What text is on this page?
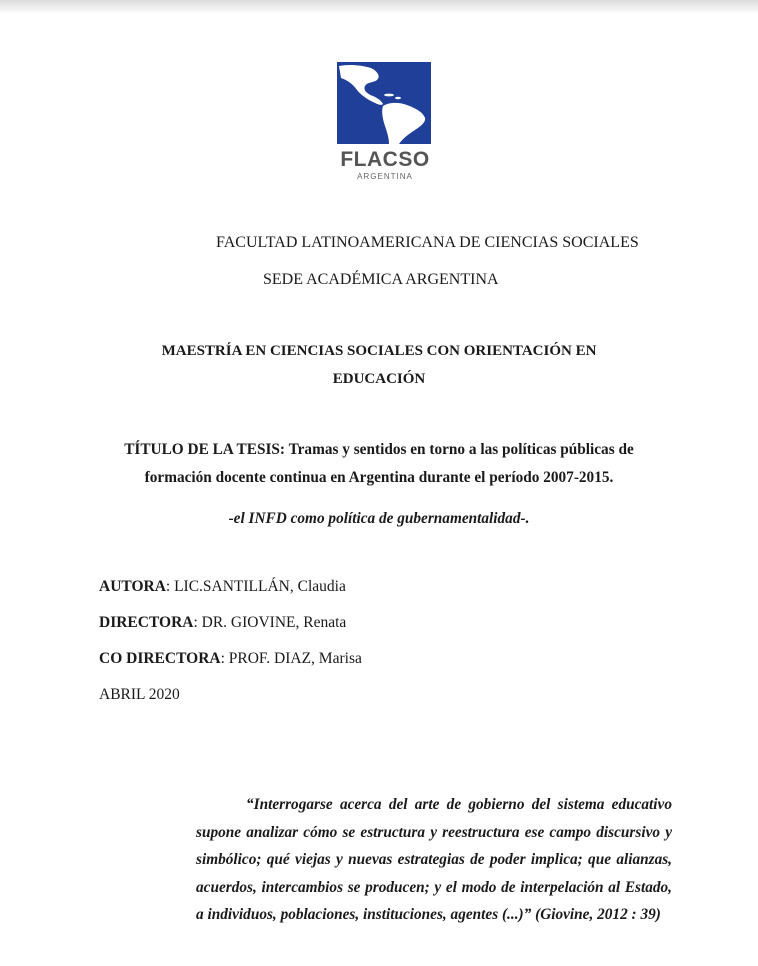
FLACSO
ARGENTINA
FACULTAD LATINOAMERICANA DE CIENCIAS SOCIALES
SEDE ACADÉMICA ARGENTINA
MAESTRÍA EN CIENCIAS SOCIALES CON ORIENTACIÓN EN
EDUCACIÓN
TÍTULO DE LA TESIS: Tramas y sentidos en torno a las políticas públicas de
formación docente continua en Argentina durante el período 2007-2015.
-el INFD como política de gubernamentalidad-.
AUTORA: LIC.SANTILLÁN, Claudia
DIRECTORA: DR. GIOVINE, Renata
CO DIRECTORA: PROF. DIAZ, Marisa
ABRIL 2020
“Interrogarse acerca del arte de gobierno del sistema educativo supone analizar cómo se estructura y reestructura ese campo discursivo y simbólico; qué viejas y nuevas estrategias de poder implica; que alianzas, acuerdos, intercambios se producen; y el modo de interpelación al Estado, a individuos, poblaciones, instituciones, agentes (...)” (Giovine, 2012 : 39)
